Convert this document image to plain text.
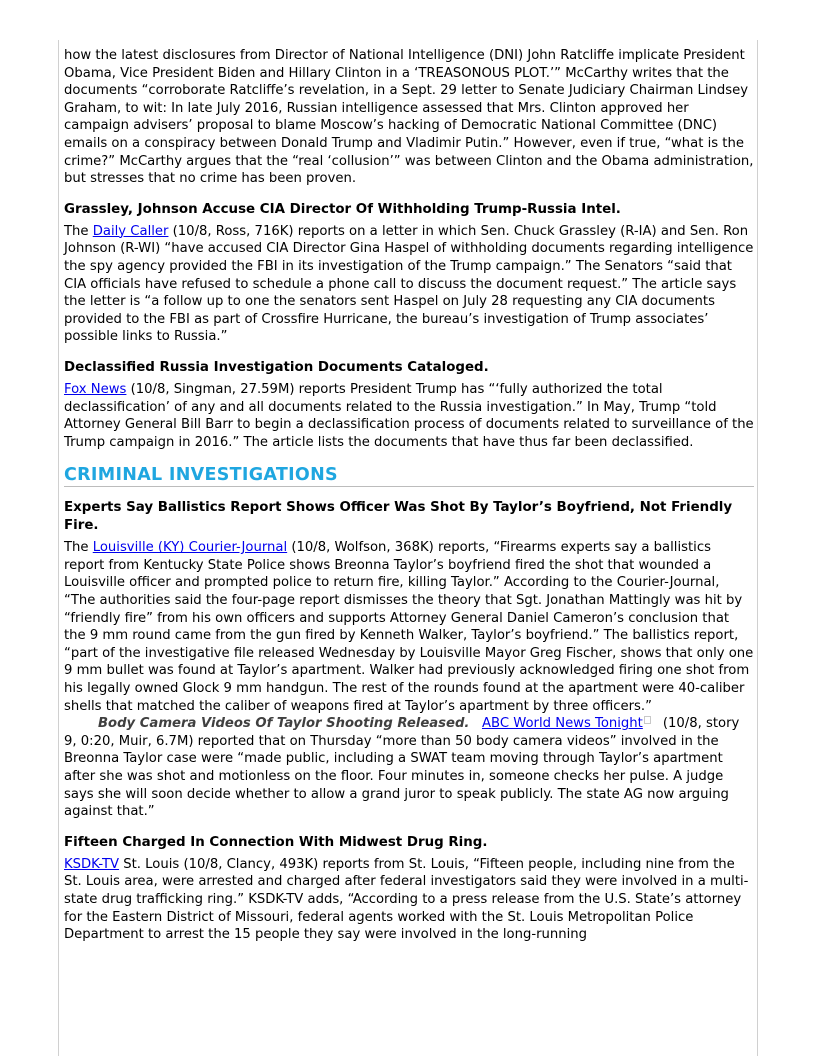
how the latest disclosures from Director of National Intelligence (DNI) John Ratcliffe implicate President Obama, Vice President Biden and Hillary Clinton in a ‘TREASONOUS PLOT.’” McCarthy writes that the documents “corroborate Ratcliffe’s revelation, in a Sept. 29 letter to Senate Judiciary Chairman Lindsey Graham, to wit: In late July 2016, Russian intelligence assessed that Mrs. Clinton approved her campaign advisers’ proposal to blame Moscow’s hacking of Democratic National Committee (DNC) emails on a conspiracy between Donald Trump and Vladimir Putin.” However, even if true, “what is the crime?” McCarthy argues that the “real ‘collusion’” was between Clinton and the Obama administration, but stresses that no crime has been proven.

Grassley, Johnson Accuse CIA Director Of Withholding Trump-Russia Intel.

The Daily Caller (10/8, Ross, 716K) reports on a letter in which Sen. Chuck Grassley (R-IA) and Sen. Ron Johnson (R-WI) “have accused CIA Director Gina Haspel of withholding documents regarding intelligence the spy agency provided the FBI in its investigation of the Trump campaign.” The Senators “said that CIA officials have refused to schedule a phone call to discuss the document request.” The article says the letter is “a follow up to one the senators sent Haspel on July 28 requesting any CIA documents provided to the FBI as part of Crossfire Hurricane, the bureau’s investigation of Trump associates’ possible links to Russia.”

Declassified Russia Investigation Documents Cataloged.

Fox News (10/8, Singman, 27.59M) reports President Trump has “‘fully authorized the total declassification’ of any and all documents related to the Russia investigation.” In May, Trump “told Attorney General Bill Barr to begin a declassification process of documents related to surveillance of the Trump campaign in 2016.” The article lists the documents that have thus far been declassified.

CRIMINAL INVESTIGATIONS
Experts Say Ballistics Report Shows Officer Was Shot By Taylor’s Boyfriend, Not Friendly Fire.

The Louisville (KY) Courier-Journal (10/8, Wolfson, 368K) reports, “Firearms experts say a ballistics report from Kentucky State Police shows Breonna Taylor’s boyfriend fired the shot that wounded a Louisville officer and prompted police to return fire, killing Taylor.” According to the Courier-Journal, “The authorities said the four-page report dismisses the theory that Sgt. Jonathan Mattingly was hit by “friendly fire” from his own officers and supports Attorney General Daniel Cameron’s conclusion that the 9 mm round came from the gun fired by Kenneth Walker, Taylor’s boyfriend.” The ballistics report, “part of the investigative file released Wednesday by Louisville Mayor Greg Fischer, shows that only one 9 mm bullet was found at Taylor’s apartment. Walker had previously acknowledged firing one shot from his legally owned Glock 9 mm handgun. The rest of the rounds found at the apartment were 40-caliber shells that matched the caliber of weapons fired at Taylor’s apartment by three officers.”

Body Camera Videos Of Taylor Shooting Released. ABC World News Tonight (10/8, story 9, 0:20, Muir, 6.7M) reported that on Thursday “more than 50 body camera videos” involved in the Breonna Taylor case were “made public, including a SWAT team moving through Taylor’s apartment after she was shot and motionless on the floor. Four minutes in, someone checks her pulse. A judge says she will soon decide whether to allow a grand juror to speak publicly. The state AG now arguing against that.”

Fifteen Charged In Connection With Midwest Drug Ring.

KSDK-TV St. Louis (10/8, Clancy, 493K) reports from St. Louis, “Fifteen people, including nine from the St. Louis area, were arrested and charged after federal investigators said they were involved in a multi-state drug trafficking ring.” KSDK-TV adds, “According to a press release from the U.S. State’s attorney for the Eastern District of Missouri, federal agents worked with the St. Louis Metropolitan Police Department to arrest the 15 people they say were involved in the long-running
